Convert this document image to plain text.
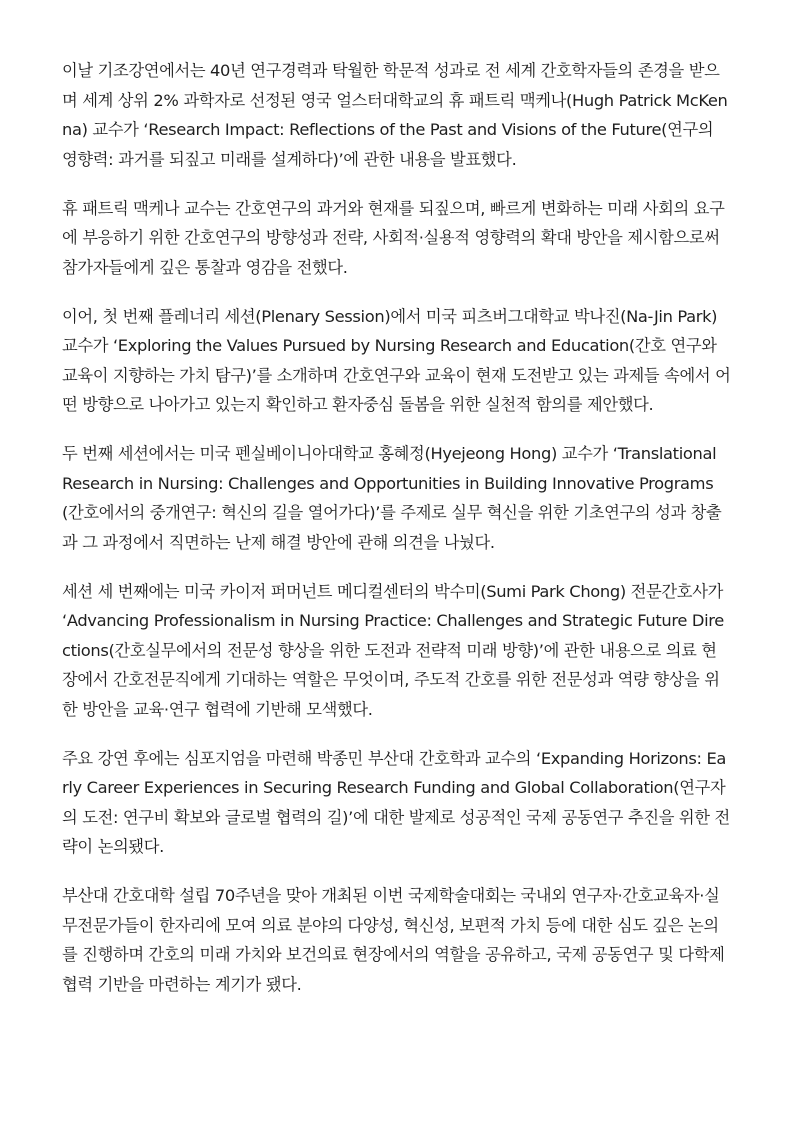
이날 기조강연에서는 40년 연구경력과 탁월한 학문적 성과로 전 세계 간호학자들의 존경을 받으며 세계 상위 2% 과학자로 선정된 영국 얼스터대학교의 휴 패트릭 맥케나(Hugh Patrick McKenna) 교수가 ‘Research Impact: Reflections of the Past and Visions of the Future(연구의 영향력: 과거를 되짚고 미래를 설계하다)’에 관한 내용을 발표했다.

휴 패트릭 맥케나 교수는 간호연구의 과거와 현재를 되짚으며, 빠르게 변화하는 미래 사회의 요구에 부응하기 위한 간호연구의 방향성과 전략, 사회적·실용적 영향력의 확대 방안을 제시함으로써 참가자들에게 깊은 통찰과 영감을 전했다.

이어, 첫 번째 플레너리 세션(Plenary Session)에서 미국 피츠버그대학교 박나진(Na-Jin Park) 교수가 ‘Exploring the Values Pursued by Nursing Research and Education(간호 연구와 교육이 지향하는 가치 탐구)’를 소개하며 간호연구와 교육이 현재 도전받고 있는 과제들 속에서 어떤 방향으로 나아가고 있는지 확인하고 환자중심 돌봄을 위한 실천적 함의를 제안했다.

두 번째 세션에서는 미국 펜실베이니아대학교 홍혜정(Hyejeong Hong) 교수가 ‘Translational Research in Nursing: Challenges and Opportunities in Building Innovative Programs(간호에서의 중개연구: 혁신의 길을 열어가다)’를 주제로 실무 혁신을 위한 기초연구의 성과 창출과 그 과정에서 직면하는 난제 해결 방안에 관해 의견을 나눴다.

세션 세 번째에는 미국 카이저 퍼머넌트 메디컬센터의 박수미(Sumi Park Chong) 전문간호사가 ‘Advancing Professionalism in Nursing Practice: Challenges and Strategic Future Directions(간호실무에서의 전문성 향상을 위한 도전과 전략적 미래 방향)’에 관한 내용으로 의료 현장에서 간호전문직에게 기대하는 역할은 무엇이며, 주도적 간호를 위한 전문성과 역량 향상을 위한 방안을 교육·연구 협력에 기반해 모색했다.

주요 강연 후에는 심포지엄을 마련해 박종민 부산대 간호학과 교수의 ‘Expanding Horizons: Early Career Experiences in Securing Research Funding and Global Collaboration(연구자의 도전: 연구비 확보와 글로벌 협력의 길)’에 대한 발제로 성공적인 국제 공동연구 추진을 위한 전략이 논의됐다.

부산대 간호대학 설립 70주년을 맞아 개최된 이번 국제학술대회는 국내외 연구자·간호교육자·실무전문가들이 한자리에 모여 의료 분야의 다양성, 혁신성, 보편적 가치 등에 대한 심도 깊은 논의를 진행하며 간호의 미래 가치와 보건의료 현장에서의 역할을 공유하고, 국제 공동연구 및 다학제 협력 기반을 마련하는 계기가 됐다.
